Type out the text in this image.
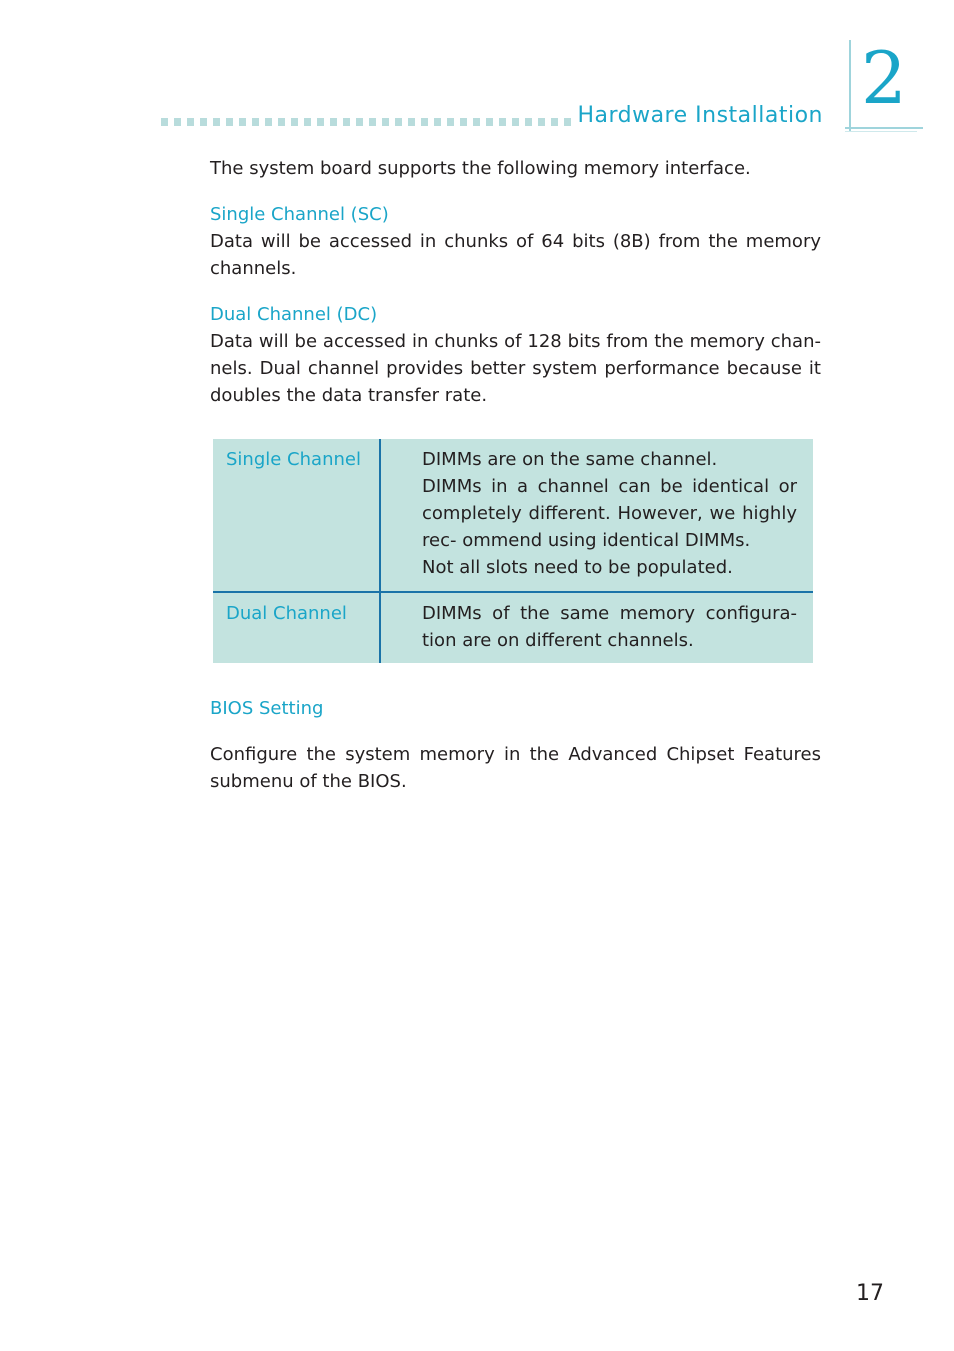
Hardware Installation 2

The system board supports the following memory interface.

Single Channel (SC)

Data will be accessed in chunks of 64 bits (8B) from the memory channels.

Dual Channel (DC)

Data will be accessed in chunks of 128 bits from the memory chan- nels. Dual channel provides better system performance because it doubles the data transfer rate.

Single Channel	DIMMs are on the same channel.
DIMMs in a channel can be identical or completely different. However, we highly rec- ommend using identical DIMMs.
Not all slots need to be populated.
Dual Channel	DIMMs of the same memory configura- tion are on different channels.
BIOS Setting

Configure the system memory in the Advanced Chipset Features submenu of the BIOS.

17
